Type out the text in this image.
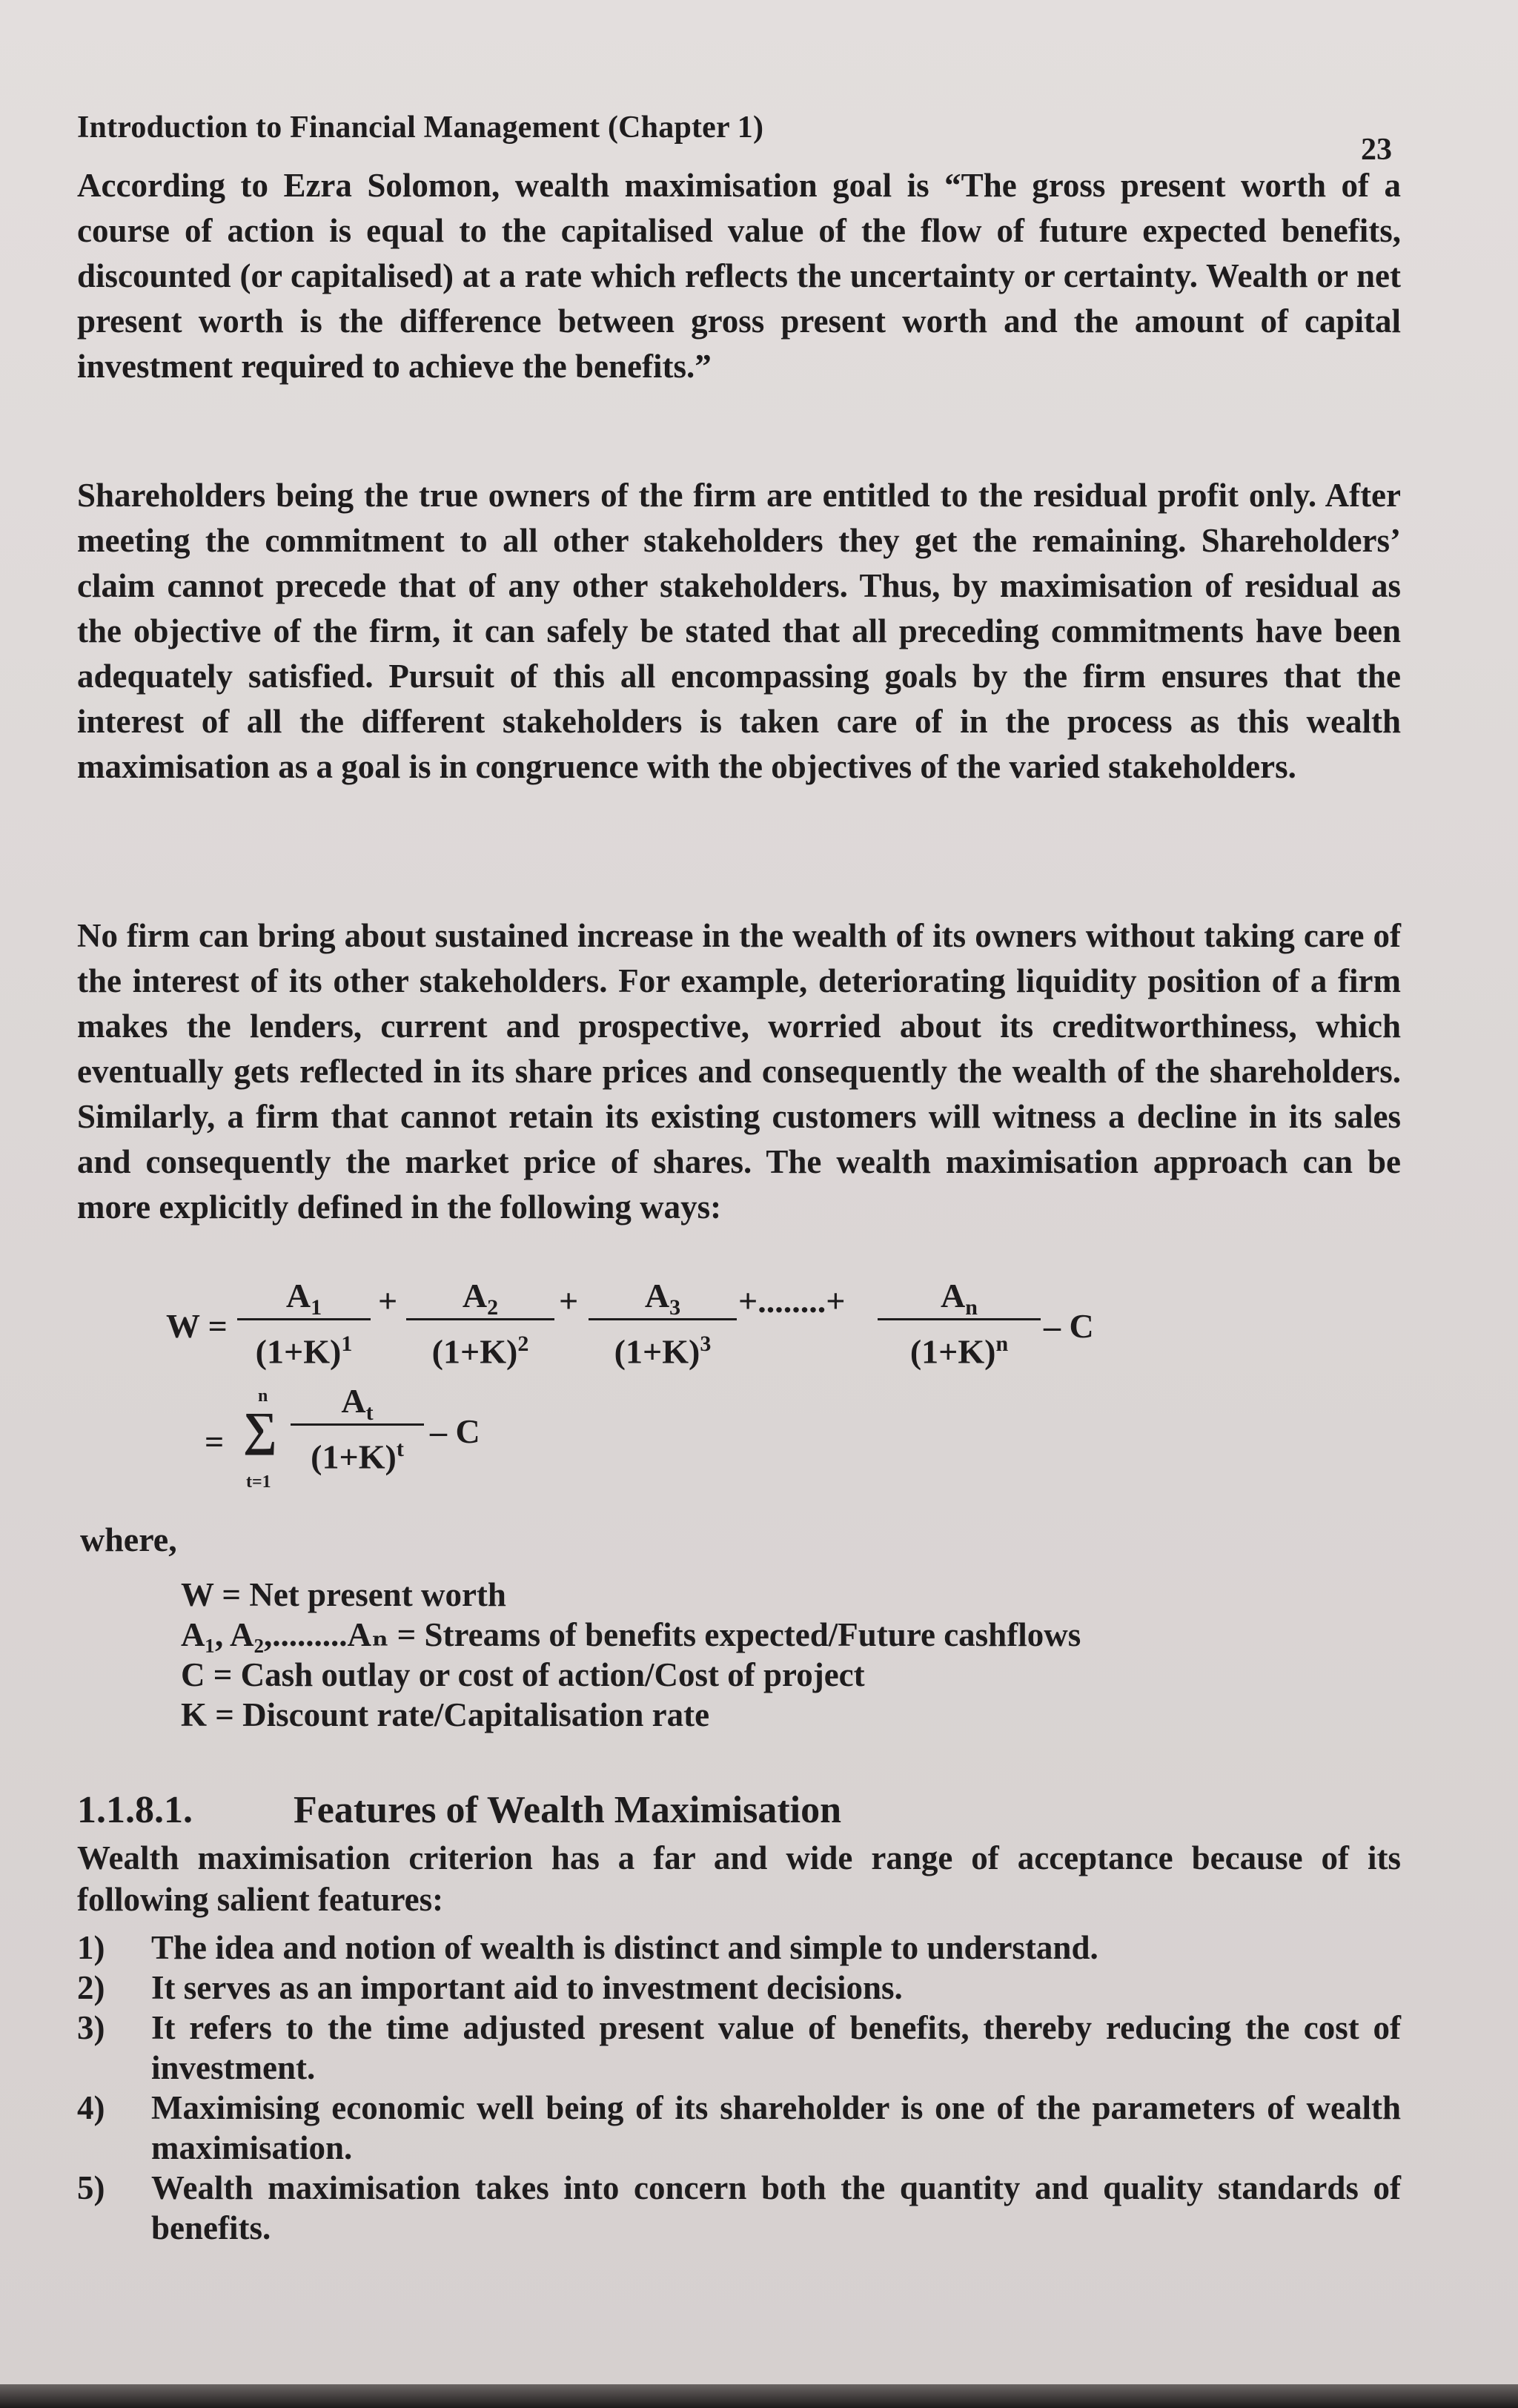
Introduction to Financial Management (Chapter 1)
23

According to Ezra Solomon, wealth maximisation goal is “The gross present worth of a course of action is equal to the capitalised value of the flow of future expected benefits, discounted (or capitalised) at a rate which reflects the uncertainty or certainty. Wealth or net present worth is the difference between gross present worth and the amount of capital investment required to achieve the benefits.”

Shareholders being the true owners of the firm are entitled to the residual profit only. After meeting the commitment to all other stakeholders they get the remaining. Shareholders’ claim cannot precede that of any other stakeholders. Thus, by maximisation of residual as the objective of the firm, it can safely be stated that all preceding commitments have been adequately satisfied. Pursuit of this all encompassing goals by the firm ensures that the interest of all the different stakeholders is taken care of in the process as this wealth maximisation as a goal is in congruence with the objectives of the varied stakeholders.

No firm can bring about sustained increase in the wealth of its owners without taking care of the interest of its other stakeholders. For example, deteriorating liquidity position of a firm makes the lenders, current and prospective, worried about its creditworthiness, which eventually gets reflected in its share prices and consequently the wealth of the shareholders. Similarly, a firm that cannot retain its existing customers will witness a decline in its sales and consequently the market price of shares. The wealth maximisation approach can be more explicitly defined in the following ways:

W =
$A_1$
$(1+K)^1$
+	$A_2$
$(1+K)^2$
+	$A_3$
$(1+K)^3$
+........+	$A_n$
$(1+K)^n$	– C
= ∑
n
t=1
$A_t$
$(1+K)^t - C$
where,
W = Net present worth
A₁, A₂,.........Aₙ = Streams of benefits expected/Future cashflows
C = Cash outlay or cost of action/Cost of project
K = Discount rate/Capitalisation rate
1.1.8.1.	Features of Wealth Maximisation
Wealth maximisation criterion has a far and wide range of acceptance because of its following salient features:
1) The idea and notion of wealth is distinct and simple to understand.
2) It serves as an important aid to investment decisions.
3) It refers to the time adjusted present value of benefits, thereby reducing the cost of investment.
4) Maximising economic well being of its shareholder is one of the parameters of wealth maximisation.
5) Wealth maximisation takes into concern both the quantity and quality standards of benefits.
